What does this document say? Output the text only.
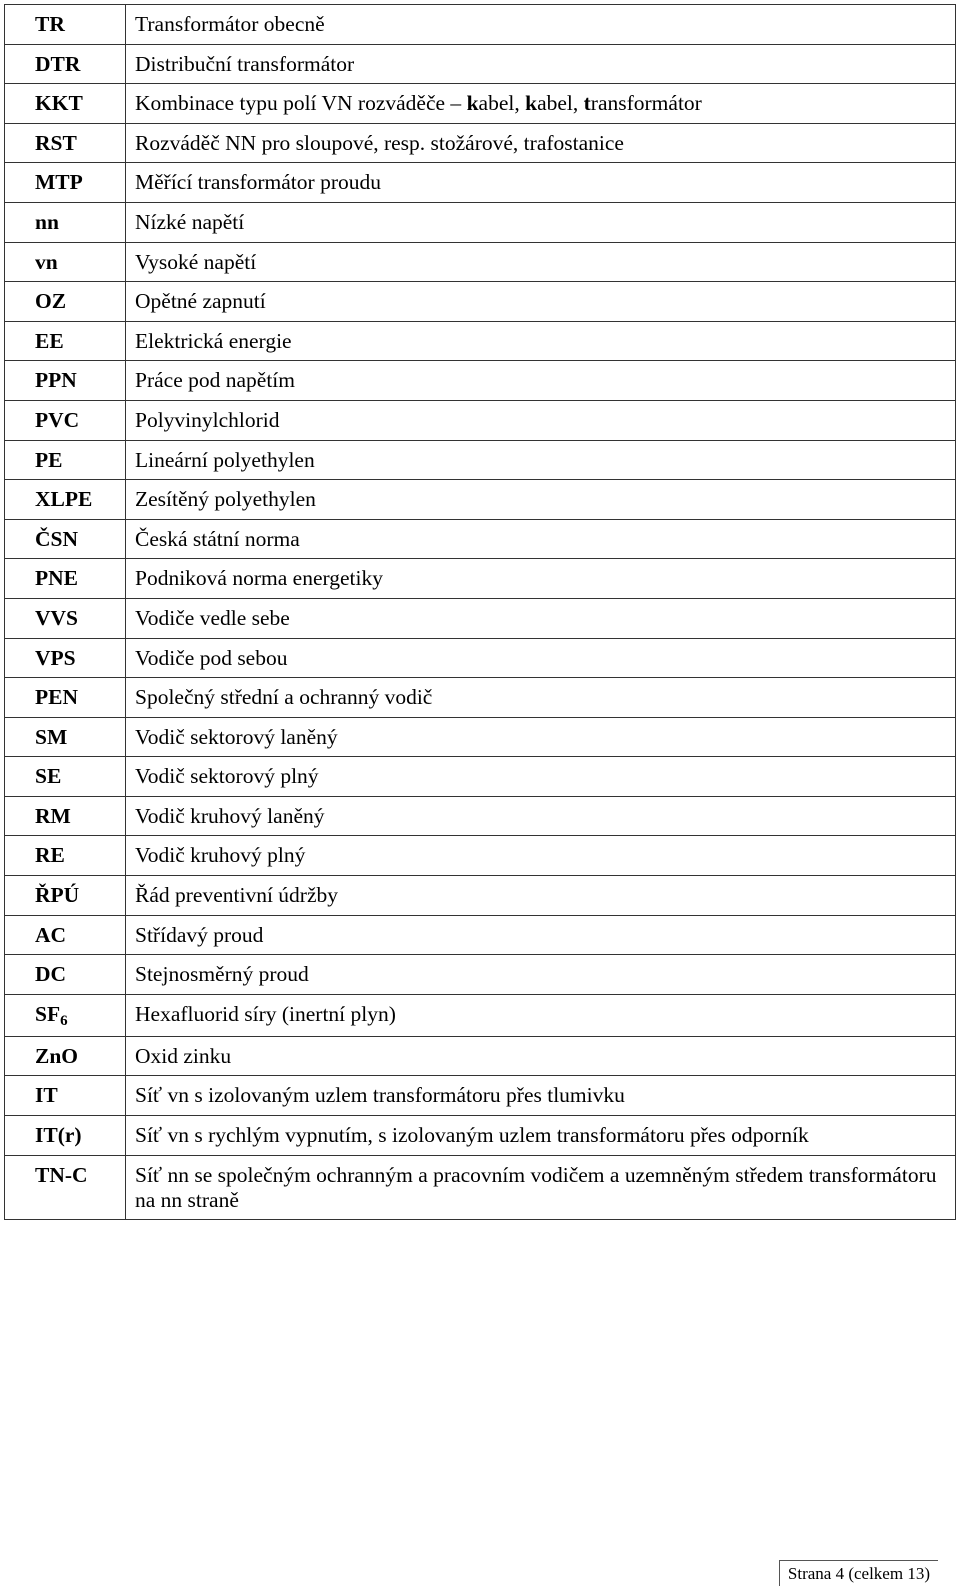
TR	Transformátor obecně
DTR	Distribuční transformátor
KKT	Kombinace typu polí VN rozváděče – kabel, kabel, transformátor
RST	Rozváděč NN pro sloupové, resp. stožárové, trafostanice
MTP	Měřící transformátor proudu
nn	Nízké napětí
vn	Vysoké napětí
OZ	Opětné zapnutí
EE	Elektrická energie
PPN	Práce pod napětím
PVC	Polyvinylchlorid
PE	Lineární polyethylen
XLPE	Zesítěný polyethylen
ČSN	Česká státní norma
PNE	Podniková norma energetiky
VVS	Vodiče vedle sebe
VPS	Vodiče pod sebou
PEN	Společný střední a ochranný vodič
SM	Vodič sektorový laněný
SE	Vodič sektorový plný
RM	Vodič kruhový laněný
RE	Vodič kruhový plný
ŘPÚ	Řád preventivní údržby
AC	Střídavý proud
DC	Stejnosměrný proud
SF6	Hexafluorid síry (inertní plyn)
ZnO	Oxid zinku
IT	Síť vn s izolovaným uzlem transformátoru přes tlumivku
IT(r)	Síť vn s rychlým vypnutím, s izolovaným uzlem transformátoru přes odporník
TN-C	Síť nn se společným ochranným a pracovním vodičem a uzemněným středem transformátoru na nn straně
Strana 4 (celkem 13)
